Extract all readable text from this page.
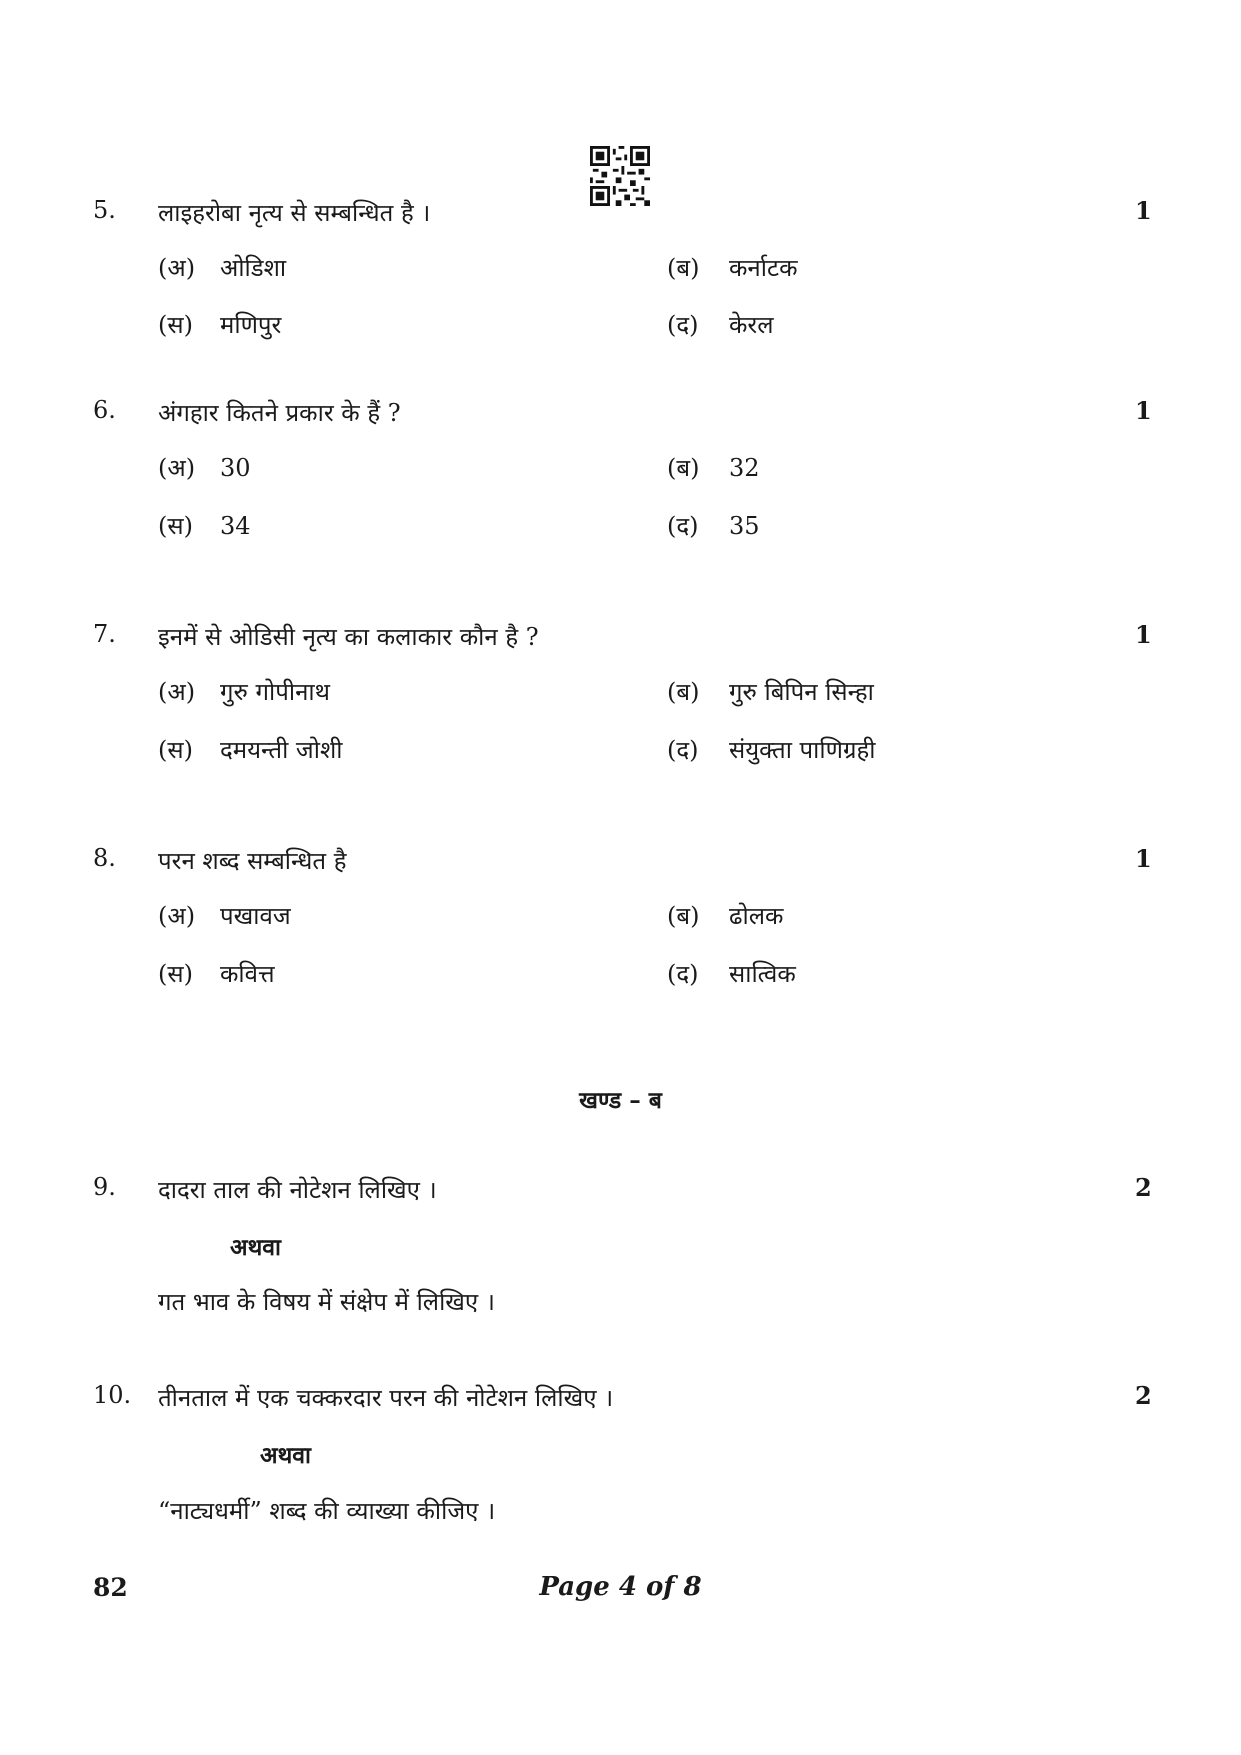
5. लाइहरोबा नृत्य से सम्बन्धित है ।	1
(अ) ओडिशा	(ब) कर्नाटक
(स) मणिपुर	(द) केरल
6. अंगहार कितने प्रकार के हैं ?	1
(अ) 30	(ब) 32
(स) 34	(द) 35
7. इनमें से ओडिसी नृत्य का कलाकार कौन है ?	1
(अ) गुरु गोपीनाथ	(ब) गुरु बिपिन सिन्हा
(स) दमयन्ती जोशी	(द) संयुक्ता पाणिग्रही
8. परन शब्द सम्बन्धित है	1
(अ) पखावज	(ब) ढोलक
(स) कवित्त	(द) सात्विक
खण्ड – ब
9. दादरा ताल की नोटेशन लिखिए ।	2
अथवा
गत भाव के विषय में संक्षेप में लिखिए ।
10. तीनताल में एक चक्करदार परन की नोटेशन लिखिए ।	2
अथवा
“नाट्यधर्मी” शब्द की व्याख्या कीजिए ।
82	Page 4 of 8
